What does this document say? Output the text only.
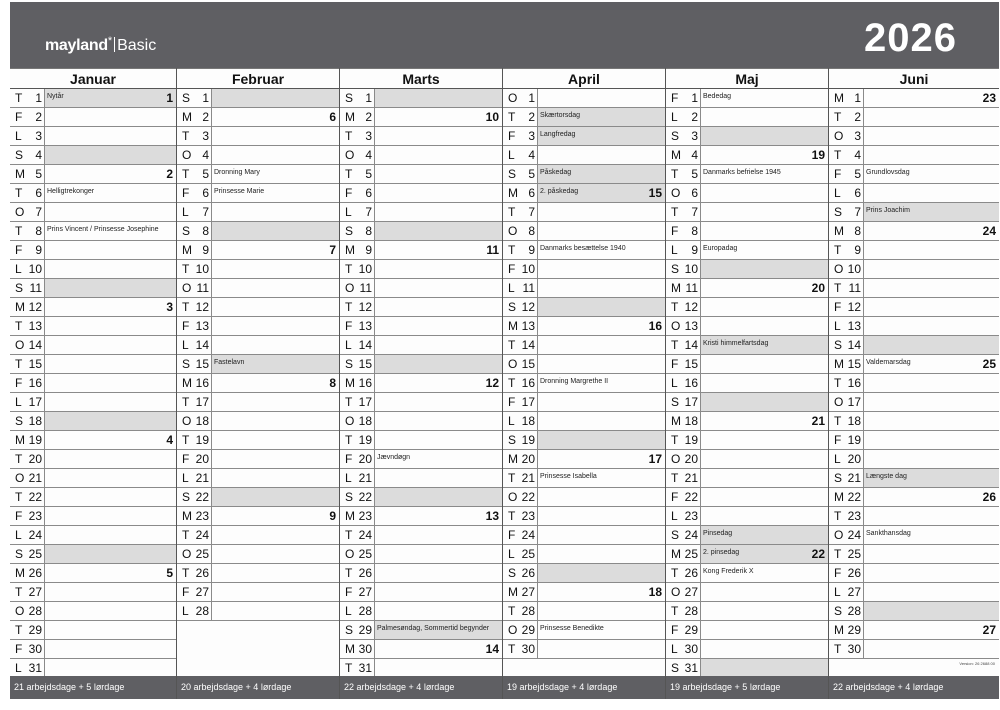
mayland* Basic	2026
Januar
T	1 Nytår	1
F	2
L	3
S	4
M 5	2
T	6 Helligtrekonger
O 7
T	8 Prins Vincent / Prinsesse Josephine
F	9
L 10
S 11
M 12	3
T 13
O 14
T 15
F 16
L 17
S 18
M 19	4
T 20
O 21
T 22
F 23
L 24
S 25
M 26	5
T 27
O 28
T 29
F 30
L 31
21 arbejdsdage + 5 lørdage
Februar
S	1
M 2	6
T	3
O 4
T	5 Dronning Mary
F	6 Prinsesse Marie
L	7
S	8
M 9	7
T 10
O 11
T 12
F 13
L 14
S 15 Fastelavn
M 16	8
T 17
O 18
T 19
F 20
L 21
S 22
M 23	9
T 24
O 25
T 26
F 27
L 28
20 arbejdsdage + 4 lørdage
Marts
S	1
M 2	10
T	3
O 4
T	5
F	6
L	7
S	8
M 9	11
T 10
O 11
T 12
F 13
L 14
S 15
M 16	12
T 17
O 18
T 19
F 20 Jævndøgn
L 21
S 22
M 23	13
T 24
O 25
T 26
F 27
L 28
S 29 Palmesøndag, Sommertid begynder
M 30	14
T 31
22 arbejdsdage + 4 lørdage
April
O 1
T	2 Skærtorsdag
F	3 Langfredag
L	4
S	5 Påskedag
M 6 2. påskedag	15
T	7
O 8
T	9 Danmarks besættelse 1940
F 10
L 11
S 12
M 13	16
T 14
O 15
T 16 Dronning Margrethe II
F 17
L 18
S 19
M 20	17
T 21 Prinsesse Isabella
O 22
T 23
F 24
L 25
S 26
M 27	18
T 28
O 29 Prinsesse Benedikte
T 30
19 arbejdsdage + 4 lørdage
Maj
F	1 Bededag
L	2
S	3
M 4	19
T	5 Danmarks befrielse 1945
O 6
T	7
F	8
L	9 Europadag
S 10
M 11	20
T 12
O 13
T 14 Kristi himmelfartsdag
F 15
L 16
S 17
M 18	21
T 19
O 20
T 21
F 22
L 23
S 24 Pinsedag
M 25 2. pinsedag	22
T 26 Kong Frederik X
O 27
T 28
F 29
L 30
S 31
19 arbejdsdage + 5 lørdage
Juni
M 1	23
T	2
O 3
T	4
F	5 Grundlovsdag
L	6
S	7 Prins Joachim
M 8	24
T	9
O 10
T 11
F 12
L 13
S 14
M 15 Valdemarsdag	25
T 16
O 17
T 18
F 19
L 20
S 21 Længste dag
M 22	26
T 23
O 24 Sankthansdag
T 25
F 26
L 27
S 28
M 29	27
T 30
22 arbejdsdage + 4 lørdage
Version: 26 2688 00
